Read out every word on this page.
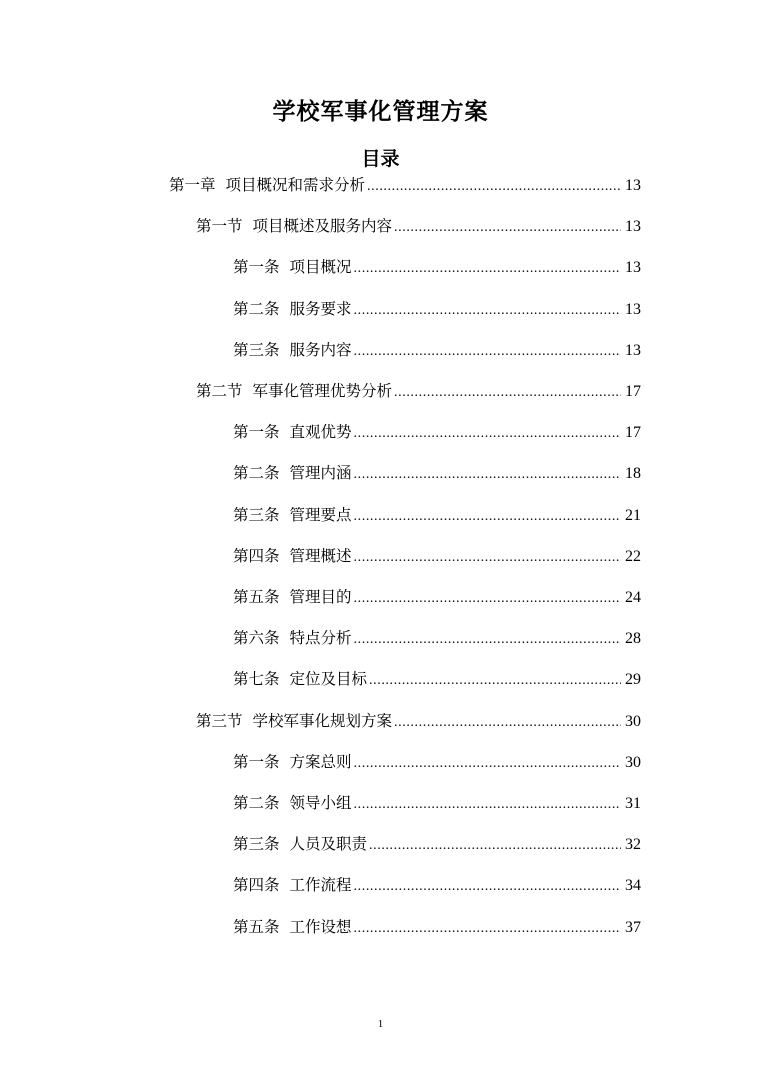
学校军事化管理方案
目录
第一章 项目概况和需求分析 .....	13
第一节 项目概述及服务内容 .....	13
第一条 项目概况 .....	13
第二条 服务要求 .....	13
第三条 服务内容 .....	13
第二节 军事化管理优势分析 .....	17
第一条 直观优势 .....	17
第二条 管理内涵 .....	18
第三条 管理要点 .....	21
第四条 管理概述 .....	22
第五条 管理目的 .....	24
第六条 特点分析 .....	28
第七条 定位及目标 .....	29
第三节 学校军事化规划方案 .....	30
第一条 方案总则 .....	30
第二条 领导小组 .....	31
第三条 人员及职责 .....	32
第四条 工作流程 .....	34
第五条 工作设想 .....	37
1
